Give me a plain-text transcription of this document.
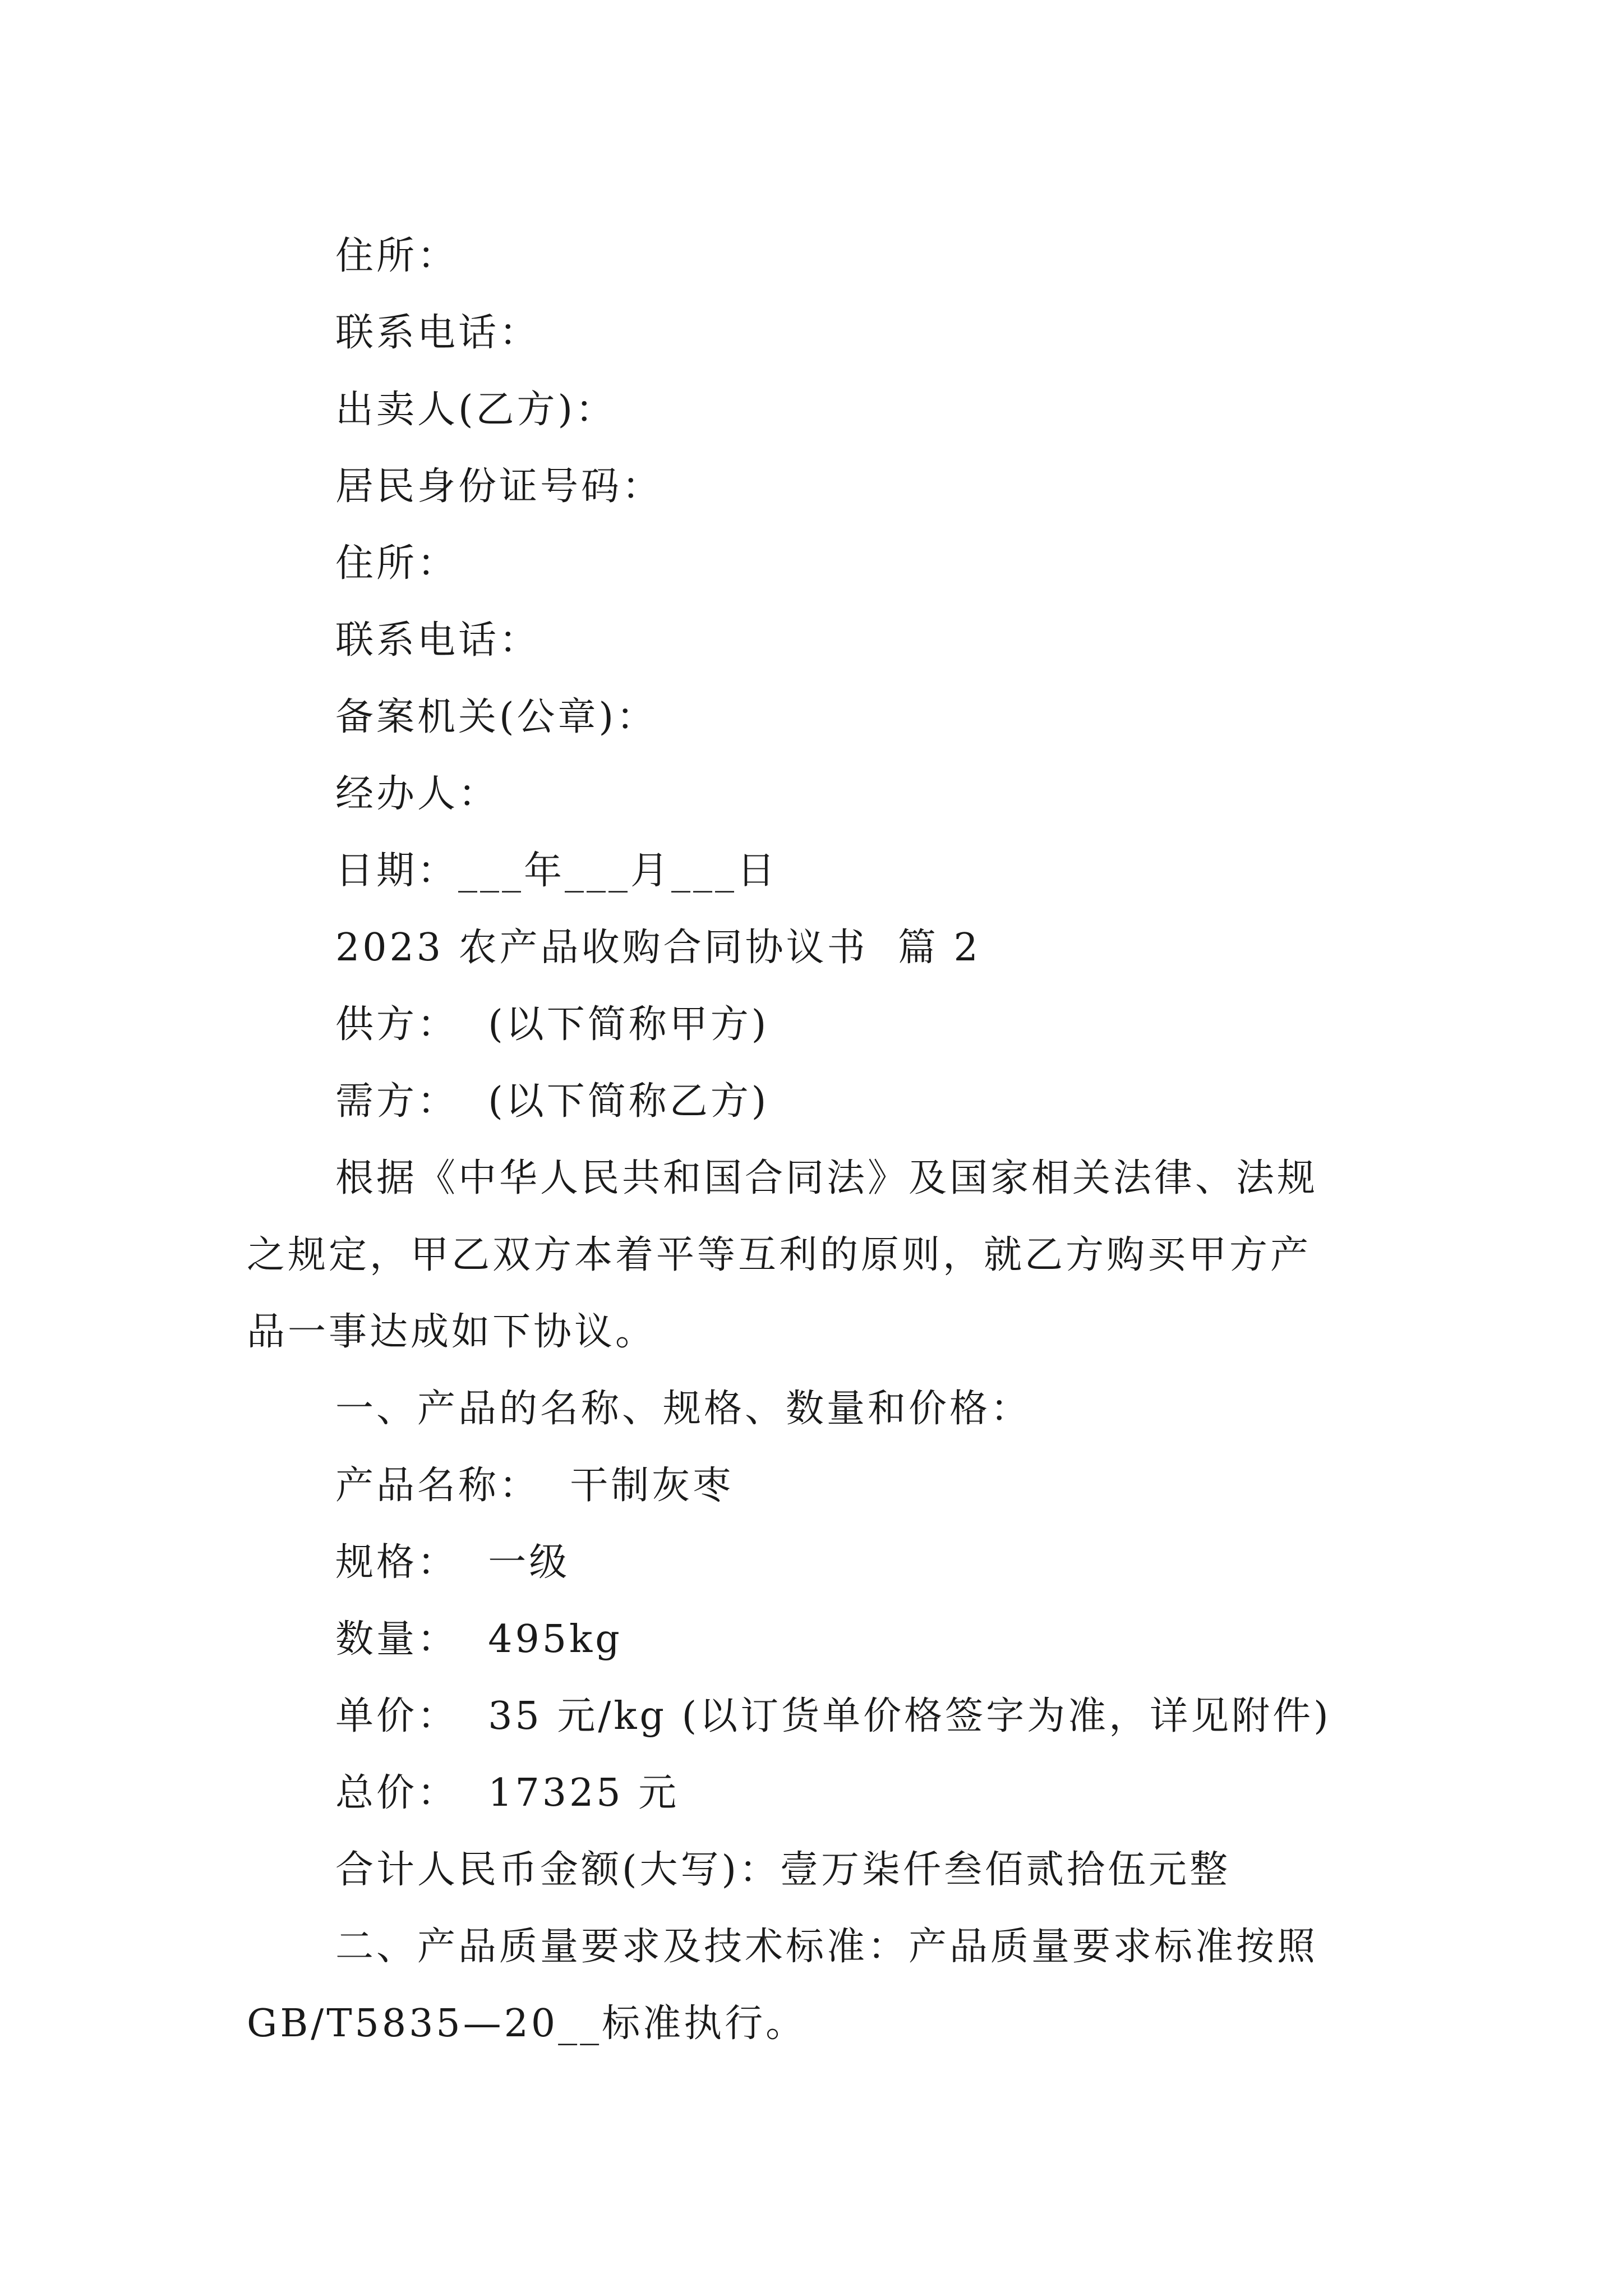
住所：
联系电话：
出卖人(乙方)：
居民身份证号码：
住所：
联系电话：
备案机关(公章)：
经办人：
日期：___年___月___日
2023 农产品收购合同协议书  篇 2
供方：  (以下简称甲方)
需方：  (以下简称乙方)
根据《中华人民共和国合同法》及国家相关法律、法规
之规定，甲乙双方本着平等互利的原则，就乙方购买甲方产
品一事达成如下协议。
一、产品的名称、规格、数量和价格：
产品名称：  干制灰枣
规格：  一级
数量：  495kg
单价：  35 元/kg (以订货单价格签字为准，详见附件)
总价：  17325 元
合计人民币金额(大写)：壹万柒仟叁佰贰拾伍元整
二、产品质量要求及技术标准：产品质量要求标准按照
GB/T5835—20__标准执行。
